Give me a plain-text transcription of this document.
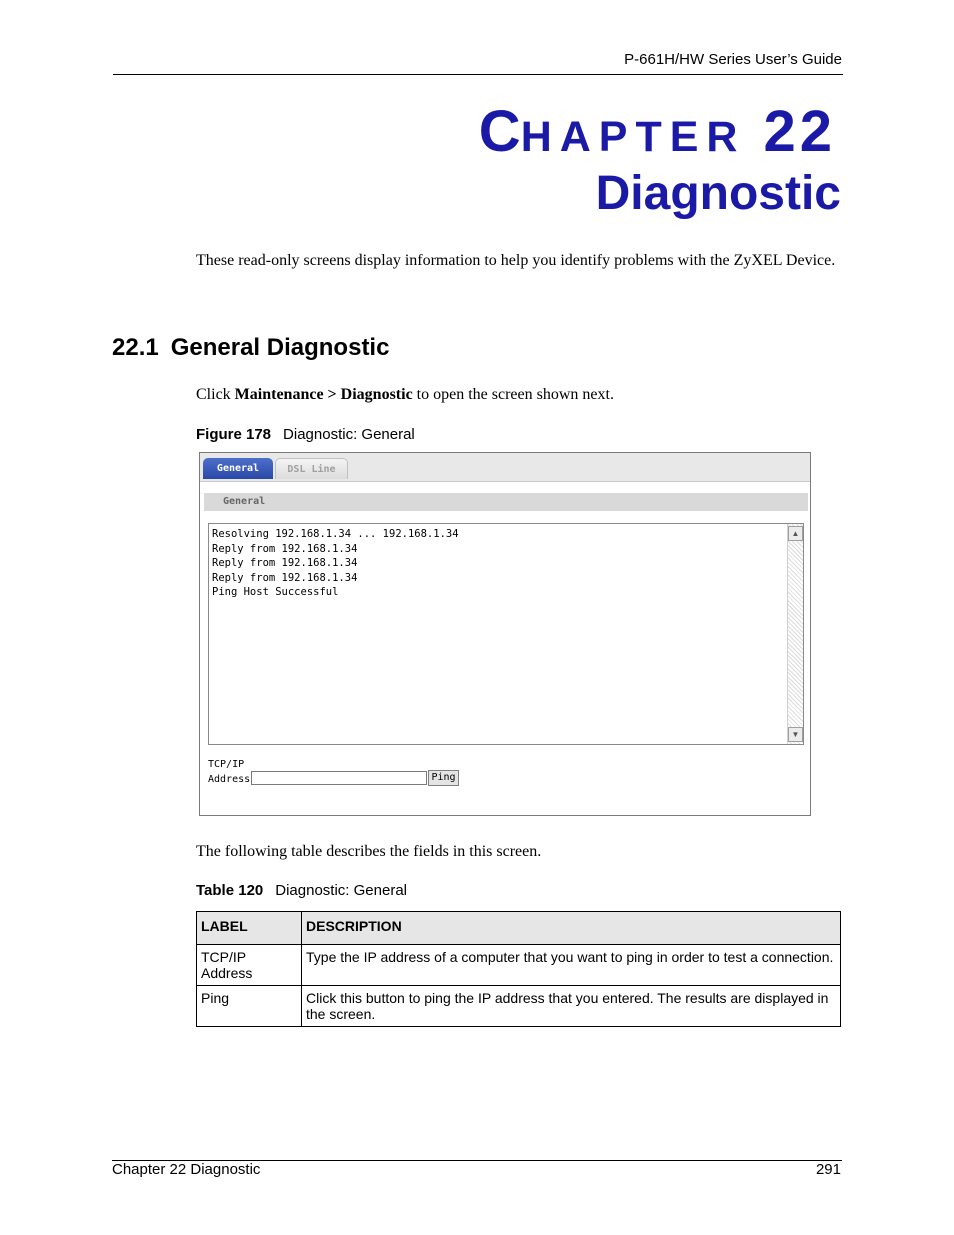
P-661H/HW Series User’s Guide
CHAPTER 22
Diagnostic
These read-only screens display information to help you identify problems with the ZyXEL Device.
22.1 General Diagnostic
Click Maintenance > Diagnostic to open the screen shown next.
Figure 178 Diagnostic: General
General	DSL Line
General
Resolving 192.168.1.34 ... 192.168.1.34
Reply from 192.168.1.34
Reply from 192.168.1.34
Reply from 192.168.1.34
Ping Host Successful
▲
▼
TCP/IP
Address	Ping
The following table describes the fields in this screen.
Table 120 Diagnostic: General
LABEL	DESCRIPTION
TCP/IP Address	Type the IP address of a computer that you want to ping in order to test a connection.
Ping	Click this button to ping the IP address that you entered. The results are displayed in the screen.
Chapter 22 Diagnostic	291
